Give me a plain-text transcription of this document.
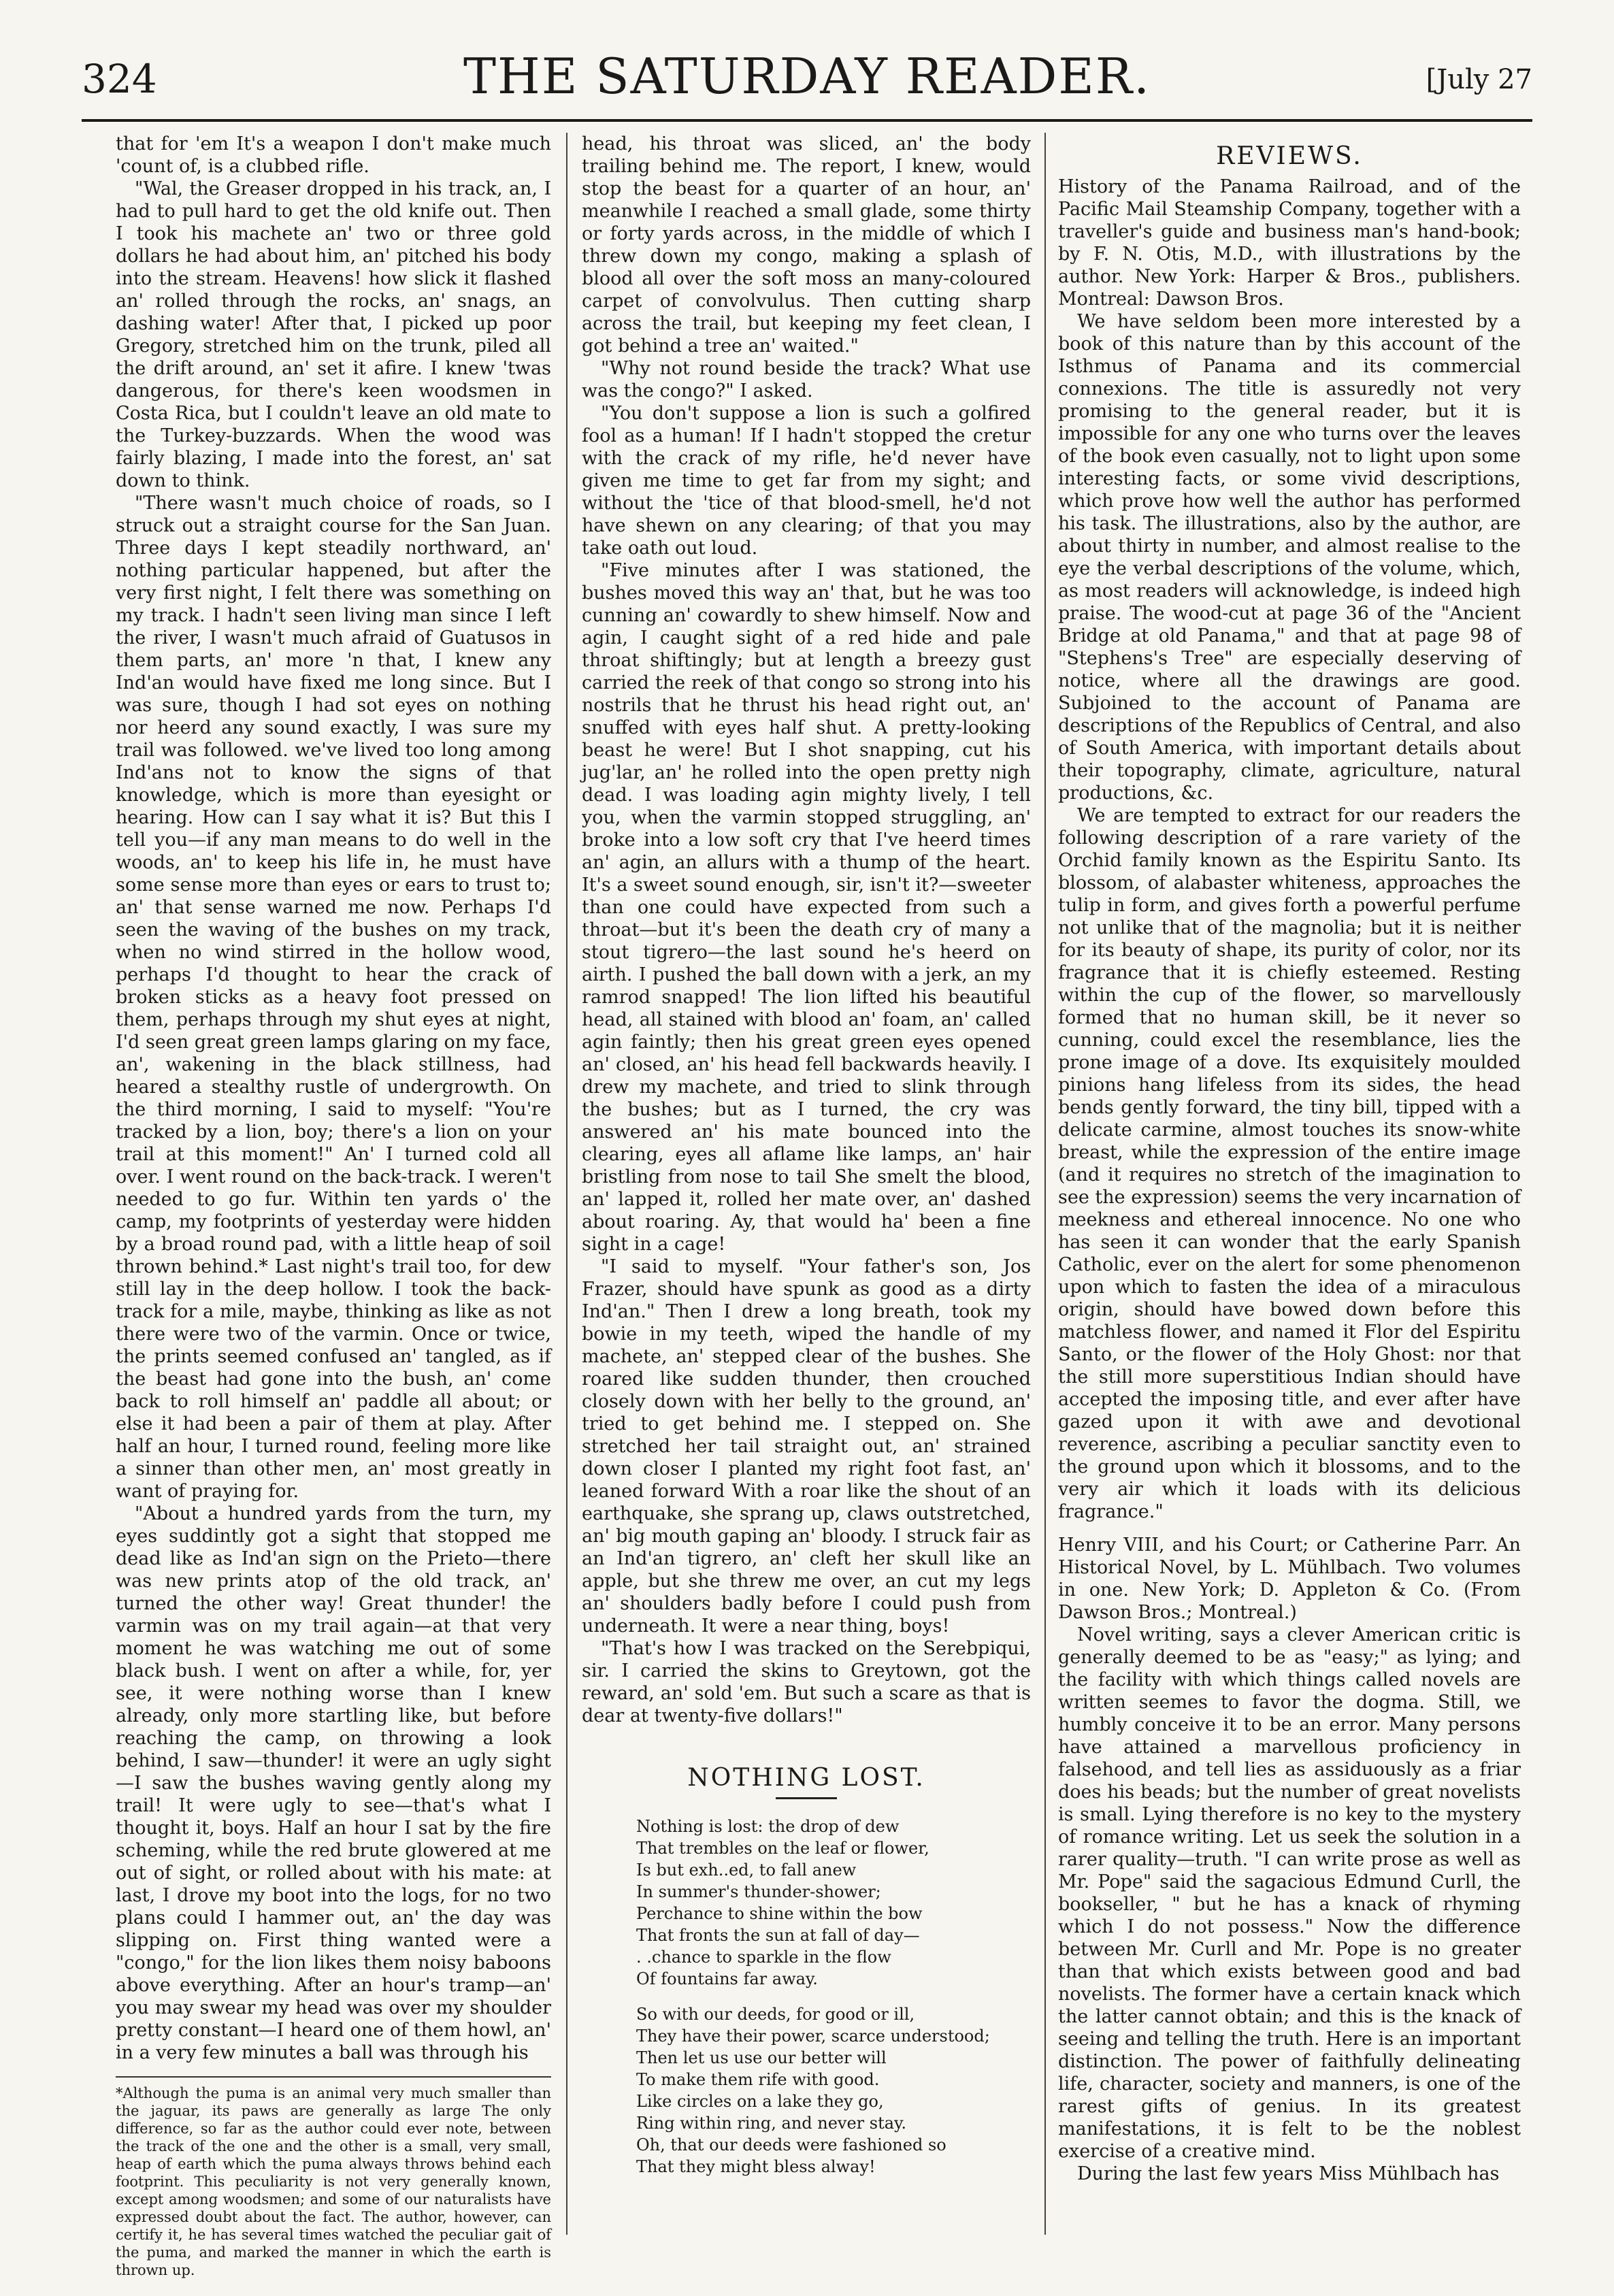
324	THE SATURDAY READER.	[July 27

that for 'em It's a weapon I don't make much 'count of, is a clubbed rifle.

"Wal, the Greaser dropped in his track, an, I had to pull hard to get the old knife out. Then I took his machete an' two or three gold dollars he had about him, an' pitched his body into the stream. Heavens! how slick it flashed an' rolled through the rocks, an' snags, an dashing water! After that, I picked up poor Gregory, stretched him on the trunk, piled all the drift around, an' set it afire. I knew 'twas dangerous, for there's keen woodsmen in Costa Rica, but I couldn't leave an old mate to the Turkey-buzzards. When the wood was fairly blazing, I made into the forest, an' sat down to think.

"There wasn't much choice of roads, so I struck out a straight course for the San Juan. Three days I kept steadily northward, an' nothing particular happened, but after the very first night, I felt there was something on my track. I hadn't seen living man since I left the river, I wasn't much afraid of Guatusos in them parts, an' more 'n that, I knew any Ind'an would have fixed me long since. But I was sure, though I had sot eyes on nothing nor heerd any sound exactly, I was sure my trail was followed. we've lived too long among Ind'ans not to know the signs of that knowledge, which is more than eyesight or hearing. How can I say what it is? But this I tell you—if any man means to do well in the woods, an' to keep his life in, he must have some sense more than eyes or ears to trust to; an' that sense warned me now. Perhaps I'd seen the waving of the bushes on my track, when no wind stirred in the hollow wood, perhaps I'd thought to hear the crack of broken sticks as a heavy foot pressed on them, perhaps through my shut eyes at night, I'd seen great green lamps glaring on my face, an', wakening in the black stillness, had heared a stealthy rustle of undergrowth. On the third morning, I said to myself: "You're tracked by a lion, boy; there's a lion on your trail at this moment!" An' I turned cold all over. I went round on the back-track. I weren't needed to go fur. Within ten yards o' the camp, my footprints of yesterday were hidden by a broad round pad, with a little heap of soil thrown behind.* Last night's trail too, for dew still lay in the deep hollow. I took the back-track for a mile, maybe, thinking as like as not there were two of the varmin. Once or twice, the prints seemed confused an' tangled, as if the beast had gone into the bush, an' come back to roll himself an' paddle all about; or else it had been a pair of them at play. After half an hour, I turned round, feeling more like a sinner than other men, an' most greatly in want of praying for.

"About a hundred yards from the turn, my eyes suddintly got a sight that stopped me dead like as Ind'an sign on the Prieto—there was new prints atop of the old track, an' turned the other way! Great thunder! the varmin was on my trail again—at that very moment he was watching me out of some black bush. I went on after a while, for, yer see, it were nothing worse than I knew already, only more startling like, but before reaching the camp, on throwing a look behind, I saw—thunder! it were an ugly sight —I saw the bushes waving gently along my trail! It were ugly to see—that's what I thought it, boys. Half an hour I sat by the fire scheming, while the red brute glowered at me out of sight, or rolled about with his mate: at last, I drove my boot into the logs, for no two plans could I hammer out, an' the day was slipping on. First thing wanted were a "congo," for the lion likes them noisy baboons above everything. After an hour's tramp—an' you may swear my head was over my shoulder pretty constant—I heard one of them howl, an' in a very few minutes a ball was through his

*Although the puma is an animal very much smaller than the jaguar, its paws are generally as large The only difference, so far as the author could ever note, between the track of the one and the other is a small, very small, heap of earth which the puma always throws behind each footprint. This peculiarity is not very generally known, except among woodsmen; and some of our naturalists have expressed doubt about the fact. The author, however, can certify it, he has several times watched the peculiar gait of the puma, and marked the manner in which the earth is thrown up.

head, his throat was sliced, an' the body trailing behind me. The report, I knew, would stop the beast for a quarter of an hour, an' meanwhile I reached a small glade, some thirty or forty yards across, in the middle of which I threw down my congo, making a splash of blood all over the soft moss an many-coloured carpet of convolvulus. Then cutting sharp across the trail, but keeping my feet clean, I got behind a tree an' waited."

"Why not round beside the track? What use was the congo?" I asked.

"You don't suppose a lion is such a golfired fool as a human! If I hadn't stopped the cretur with the crack of my rifle, he'd never have given me time to get far from my sight; and without the 'tice of that blood-smell, he'd not have shewn on any clearing; of that you may take oath out loud.

"Five minutes after I was stationed, the bushes moved this way an' that, but he was too cunning an' cowardly to shew himself. Now and agin, I caught sight of a red hide and pale throat shiftingly; but at length a breezy gust carried the reek of that congo so strong into his nostrils that he thrust his head right out, an' snuffed with eyes half shut. A pretty-looking beast he were! But I shot snapping, cut his jug'lar, an' he rolled into the open pretty nigh dead. I was loading agin mighty lively, I tell you, when the varmin stopped struggling, an' broke into a low soft cry that I've heerd times an' agin, an allurs with a thump of the heart. It's a sweet sound enough, sir, isn't it?—sweeter than one could have expected from such a throat—but it's been the death cry of many a stout tigrero—the last sound he's heerd on airth. I pushed the ball down with a jerk, an my ramrod snapped! The lion lifted his beautiful head, all stained with blood an' foam, an' called agin faintly; then his great green eyes opened an' closed, an' his head fell backwards heavily. I drew my machete, and tried to slink through the bushes; but as I turned, the cry was answered an' his mate bounced into the clearing, eyes all aflame like lamps, an' hair bristling from nose to tail She smelt the blood, an' lapped it, rolled her mate over, an' dashed about roaring. Ay, that would ha' been a fine sight in a cage!

"I said to myself. "Your father's son, Jos Frazer, should have spunk as good as a dirty Ind'an." Then I drew a long breath, took my bowie in my teeth, wiped the handle of my machete, an' stepped clear of the bushes. She roared like sudden thunder, then crouched closely down with her belly to the ground, an' tried to get behind me. I stepped on. She stretched her tail straight out, an' strained down closer I planted my right foot fast, an' leaned forward With a roar like the shout of an earthquake, she sprang up, claws outstretched, an' big mouth gaping an' bloody. I struck fair as an Ind'an tigrero, an' cleft her skull like an apple, but she threw me over, an cut my legs an' shoulders badly before I could push from underneath. It were a near thing, boys!

"That's how I was tracked on the Serebpiqui, sir. I carried the skins to Greytown, got the reward, an' sold 'em. But such a scare as that is dear at twenty-five dollars!"

NOTHING LOST.
Nothing is lost: the drop of dew
That trembles on the leaf or flower,
Is but exh..ed, to fall anew
In summer's thunder-shower;
Perchance to shine within the bow
That fronts the sun at fall of day—
. .chance to sparkle in the flow
Of fountains far away.
So with our deeds, for good or ill,
They have their power, scarce understood;
Then let us use our better will
To make them rife with good.
Like circles on a lake they go,
Ring within ring, and never stay.
Oh, that our deeds were fashioned so
That they might bless alway!
REVIEWS.

History of the Panama Railroad, and of the Pacific Mail Steamship Company, together with a traveller's guide and business man's hand-book; by F. N. Otis, M.D., with illustrations by the author. New York: Harper & Bros., publishers. Montreal: Dawson Bros.

We have seldom been more interested by a book of this nature than by this account of the Isthmus of Panama and its commercial connexions. The title is assuredly not very promising to the general reader, but it is impossible for any one who turns over the leaves of the book even casually, not to light upon some interesting facts, or some vivid descriptions, which prove how well the author has performed his task. The illustrations, also by the author, are about thirty in number, and almost realise to the eye the verbal descriptions of the volume, which, as most readers will acknowledge, is indeed high praise. The wood-cut at page 36 of the "Ancient Bridge at old Panama," and that at page 98 of "Stephens's Tree" are especially deserving of notice, where all the drawings are good. Subjoined to the account of Panama are descriptions of the Republics of Central, and also of South America, with important details about their topography, climate, agriculture, natural productions, &c.

We are tempted to extract for our readers the following description of a rare variety of the Orchid family known as the Espiritu Santo. Its blossom, of alabaster whiteness, approaches the tulip in form, and gives forth a powerful perfume not unlike that of the magnolia; but it is neither for its beauty of shape, its purity of color, nor its fragrance that it is chiefly esteemed. Resting within the cup of the flower, so marvellously formed that no human skill, be it never so cunning, could excel the resemblance, lies the prone image of a dove. Its exquisitely moulded pinions hang lifeless from its sides, the head bends gently forward, the tiny bill, tipped with a delicate carmine, almost touches its snow-white breast, while the expression of the entire image (and it requires no stretch of the imagination to see the expression) seems the very incarnation of meekness and ethereal innocence. No one who has seen it can wonder that the early Spanish Catholic, ever on the alert for some phenomenon upon which to fasten the idea of a miraculous origin, should have bowed down before this matchless flower, and named it Flor del Espiritu Santo, or the flower of the Holy Ghost: nor that the still more superstitious Indian should have accepted the imposing title, and ever after have gazed upon it with awe and devotional reverence, ascribing a peculiar sanctity even to the ground upon which it blossoms, and to the very air which it loads with its delicious fragrance."

Henry VIII, and his Court; or Catherine Parr. An Historical Novel, by L. Mühlbach. Two volumes in one. New York; D. Appleton & Co. (From Dawson Bros.; Montreal.)

Novel writing, says a clever American critic is generally deemed to be as "easy;" as lying; and the facility with which things called novels are written seemes to favor the dogma. Still, we humbly conceive it to be an error. Many persons have attained a marvellous proficiency in falsehood, and tell lies as assiduously as a friar does his beads; but the number of great novelists is small. Lying therefore is no key to the mystery of romance writing. Let us seek the solution in a rarer quality—truth. "I can write prose as well as Mr. Pope" said the sagacious Edmund Curll, the bookseller, " but he has a knack of rhyming which I do not possess." Now the difference between Mr. Curll and Mr. Pope is no greater than that which exists between good and bad novelists. The former have a certain knack which the latter cannot obtain; and this is the knack of seeing and telling the truth. Here is an important distinction. The power of faithfully delineating life, character, society and manners, is one of the rarest gifts of genius. In its greatest manifestations, it is felt to be the noblest exercise of a creative mind.

During the last few years Miss Mühlbach has
